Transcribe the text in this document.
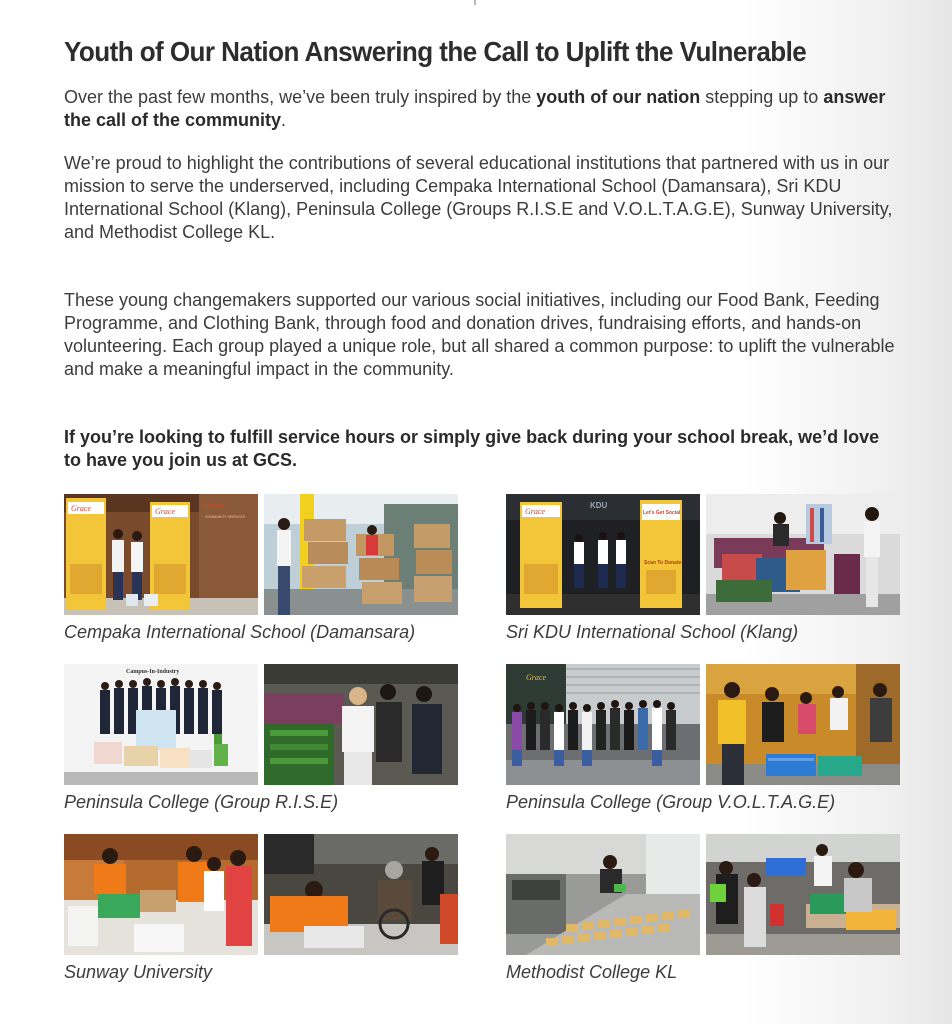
Youth of Our Nation Answering the Call to Uplift the Vulnerable

Over the past few months, we’ve been truly inspired by the youth of our nation stepping up to answer the call of the community.

We’re proud to highlight the contributions of several educational institutions that partnered with us in our mission to serve the underserved, including Cempaka International School (Damansara), Sri KDU International School (Klang), Peninsula College (Groups R.I.S.E and V.O.L.T.A.G.E), Sunway University, and Methodist College KL.

These young changemakers supported our various social initiatives, including our Food Bank, Feeding Programme, and Clothing Bank, through food and donation drives, fundraising efforts, and hands-on volunteering. Each group played a unique role, but all shared a common purpose: to uplift the vulnerable and make a meaningful impact in the community.

If you’re looking to fulfill service hours or simply give back during your school break, we’d love to have you join us at GCS.

Grace
COMMUNITY SERVICES
Grace	Grace
Cempaka International School (Damansara)
KDU
Grace	Let's Get Social
Scan To Donate
Sri KDU International School (Klang)
Campus-In-Industry
Peninsula College (Group R.I.S.E)
Grace
Peninsula College (Group V.O.L.T.A.G.E)
Sunway University	Methodist College KL
